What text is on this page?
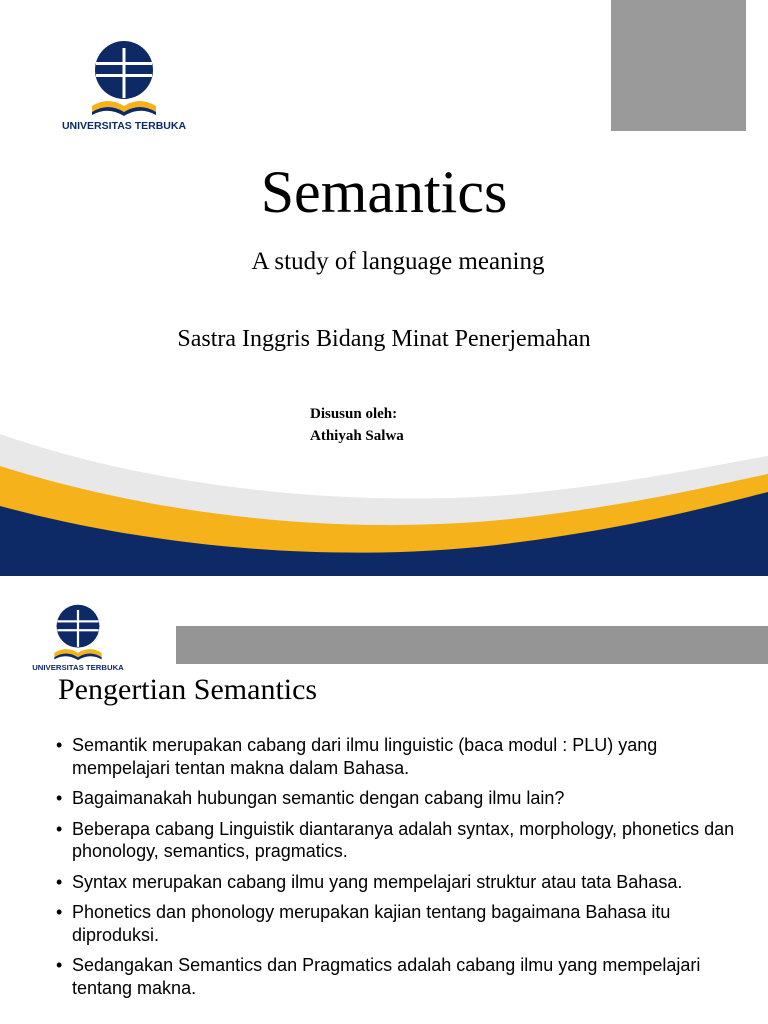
UNIVERSITAS TERBUKA
Semantics
A study of language meaning
Sastra Inggris Bidang Minat Penerjemahan
Disusun oleh:
Athiyah Salwa
UNIVERSITAS TERBUKA
Pengertian Semantics
• Semantik merupakan cabang dari ilmu linguistic (baca modul : PLU) yang mempelajari tentan makna dalam Bahasa.
• Bagaimanakah hubungan semantic dengan cabang ilmu lain?
• Beberapa cabang Linguistik diantaranya adalah syntax, morphology, phonetics dan phonology, semantics, pragmatics.
• Syntax merupakan cabang ilmu yang mempelajari struktur atau tata Bahasa.
• Phonetics dan phonology merupakan kajian tentang bagaimana Bahasa itu diproduksi.
• Sedangakan Semantics dan Pragmatics adalah cabang ilmu yang mempelajari tentang makna.
